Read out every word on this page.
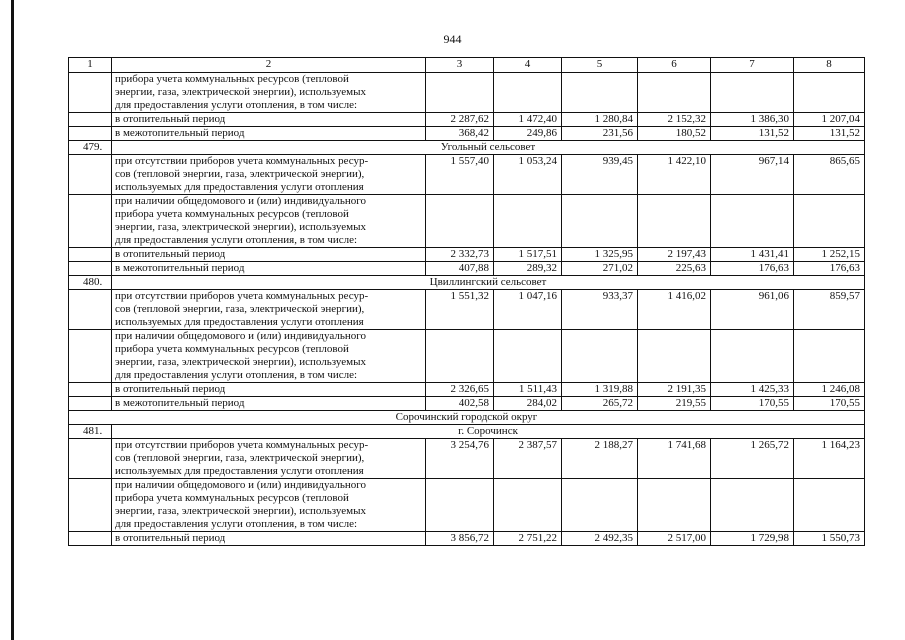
944
1	2	3	4	5	6	7	8

	прибора учета коммунальных ресурсов (тепловой
энергии, газа, электрической энергии), используемых
для предоставления услуги отопления, в том числе:						

	в отопительный период	2 287,62	1 472,40	1 280,84	2 152,32	1 386,30	1 207,04

	в межотопительный период	368,42	249,86	231,56	180,52	131,52	131,52
479.	Угольный сельсовет						

	при отсутствии приборов учета коммунальных ресур-
сов (тепловой энергии, газа, электрической энергии),
используемых для предоставления услуги отопления	1 557,40	1 053,24	939,45	1 422,10	967,14	865,65

	при наличии общедомового и (или) индивидуального
прибора учета коммунальных ресурсов (тепловой
энергии, газа, электрической энергии), используемых
для предоставления услуги отопления, в том числе:						

	в отопительный период	2 332,73	1 517,51	1 325,95	2 197,43	1 431,41	1 252,15

	в межотопительный период	407,88	289,32	271,02	225,63	176,63	176,63
480.	Цвиллингский сельсовет						

	при отсутствии приборов учета коммунальных ресур-
сов (тепловой энергии, газа, электрической энергии),
используемых для предоставления услуги отопления	1 551,32	1 047,16	933,37	1 416,02	961,06	859,57

	при наличии общедомового и (или) индивидуального
прибора учета коммунальных ресурсов (тепловой
энергии, газа, электрической энергии), используемых
для предоставления услуги отопления, в том числе:						

	в отопительный период	2 326,65	1 511,43	1 319,88	2 191,35	1 425,33	1 246,08

	в межотопительный период	402,58	284,02	265,72	219,55	170,55	170,55
Сорочинский городской округ							
481.	г. Сорочинск						

	при отсутствии приборов учета коммунальных ресур-
сов (тепловой энергии, газа, электрической энергии),
используемых для предоставления услуги отопления	3 254,76	2 387,57	2 188,27	1 741,68	1 265,72	1 164,23

	при наличии общедомового и (или) индивидуального
прибора учета коммунальных ресурсов (тепловой
энергии, газа, электрической энергии), используемых
для предоставления услуги отопления, в том числе:						

	в отопительный период	3 856,72	2 751,22	2 492,35	2 517,00	1 729,98	1 550,73
